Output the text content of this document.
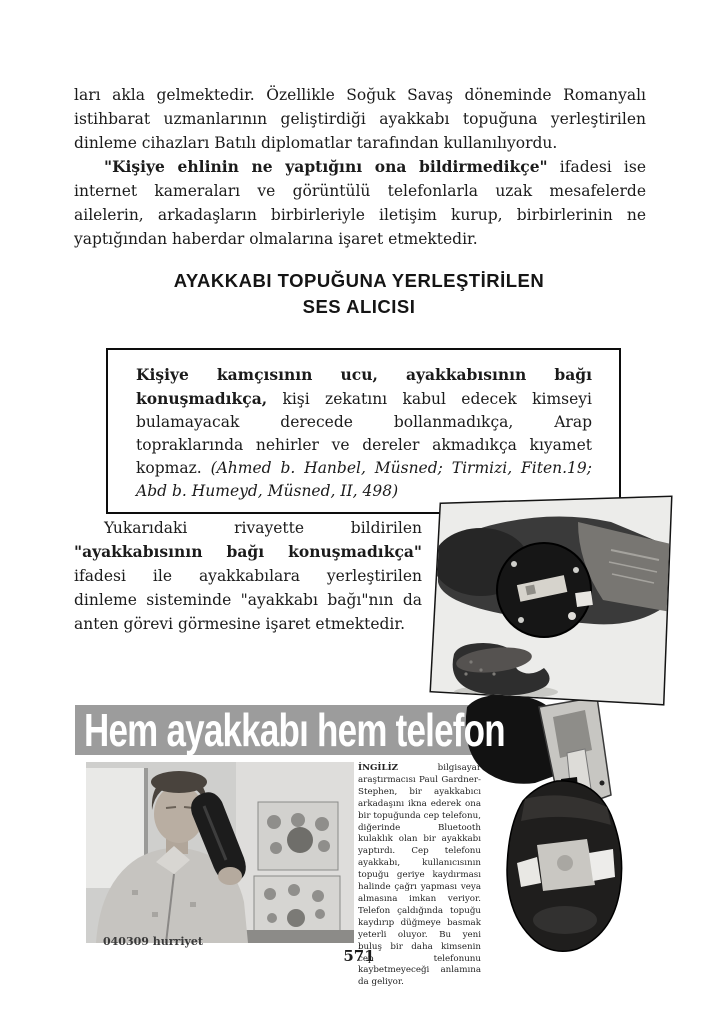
ları akla gelmektedir. Özellikle Soğuk Savaş döneminde Romanyalı istihbarat uzmanlarının geliştirdiği ayakkabı topuğuna yerleştirilen dinleme cihazları Batılı diplomatlar tarafından kullanılıyordu.

"Kişiye ehlinin ne yaptığını ona bildirmedikçe" ifadesi ise internet kameraları ve görüntülü telefonlarla uzak mesafelerde ailelerin, arkadaşların birbirleriyle iletişim kurup, birbirlerinin ne yaptığından haberdar olmalarına işaret etmektedir.

AYAKKABI TOPUĞUNA YERLEŞTİRİLEN
SES ALICISI

Kişiye kamçısının ucu, ayakkabısının bağı konuşmadıkça, kişi zekatını kabul edecek kimseyi bulamayacak derecede bollanmadıkça, Arap topraklarında nehirler ve dereler akmadıkça kıyamet kopmaz. (Ahmed b. Hanbel, Müsned; Tirmizi, Fiten.19; Abd b. Humeyd, Müsned, II, 498)

Yukarıdaki rivayette bildirilen "ayakkabısının bağı konuşmadıkça" ifadesi ile ayakkabılara yerleştirilen dinleme sisteminde "ayakkabı bağı"nın da anten görevi görmesine işaret etmektedir.

Hem ayakkabı hem telefon

İNGİLİZ bilgisayar araştırmacısı Paul Gardner-Stephen, bir ayakkabıcı arkadaşını ikna ederek ona bir topuğunda cep telefonu, diğerinde Bluetooth kulaklık olan bir ayakkabı yaptırdı. Cep telefonu ayakkabı, kullanıcısının topuğu geriye kaydırması halinde çağrı yapması veya almasına imkan veriyor. Telefon çaldığında topuğu kaydırıp düğmeye basmak yeterli oluyor. Bu yeni buluş bir daha kimsenin cep telefonunu kaybetmeyeceği anlamına da geliyor.

040309 hurriyet
571
